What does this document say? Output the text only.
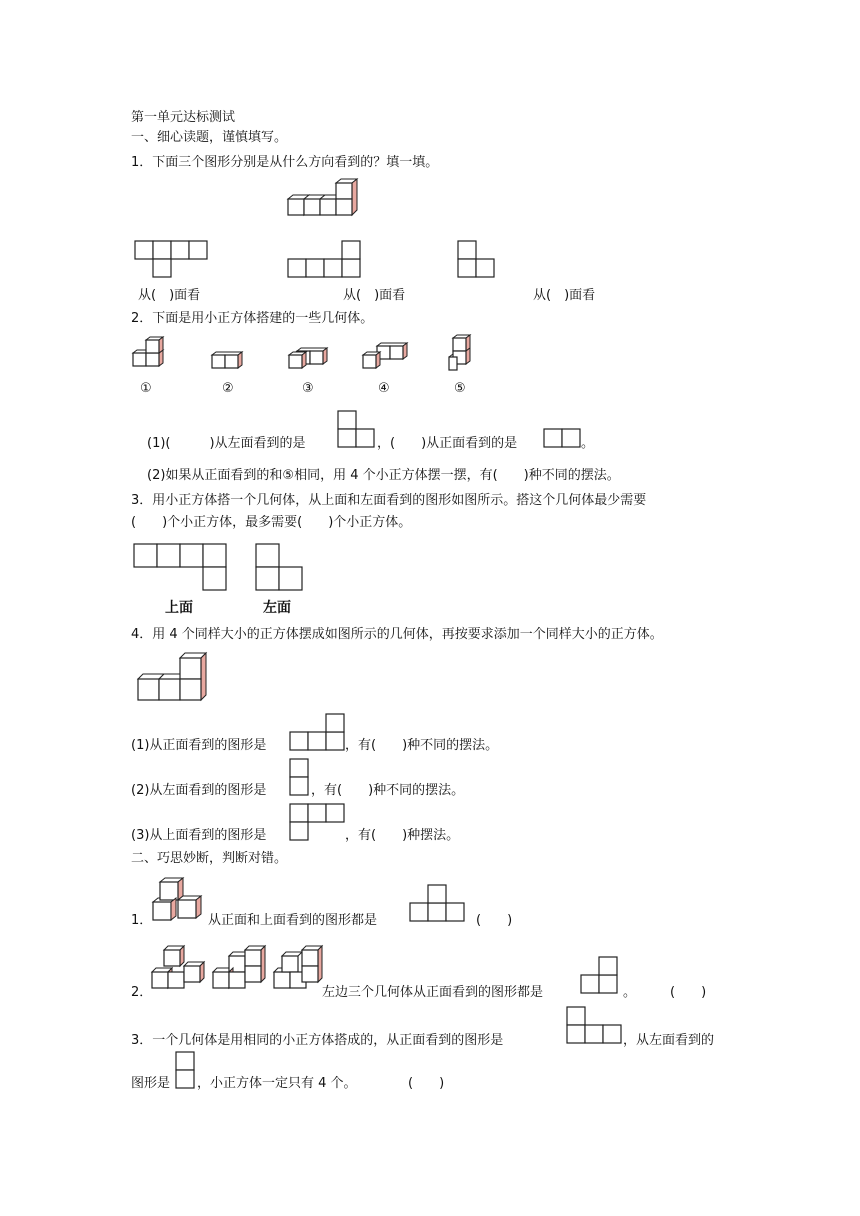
第一单元达标测试
一、细心读题，谨慎填写。
1．下面三个图形分别是从什么方向看到的？填一填。
从(　)面看	从(　)面看	从(　)面看
2．下面是用小正方体搭建的一些几何体。
①	②	③	④	⑤
(1)(　　　)从左面看到的是	，(　　)从正面看到的是	。
(2)如果从正面看到的和⑤相同，用 4 个小正方体摆一摆，有(　　)种不同的摆法。
3．用小正方体搭一个几何体，从上面和左面看到的图形如图所示。搭这个几何体最少需要
(　　)个小正方体，最多需要(　　)个小正方体。
上面	左面
4．用 4 个同样大小的正方体摆成如图所示的几何体，再按要求添加一个同样大小的正方体。
(1)从正面看到的图形是	，有(　　)种不同的摆法。
(2)从左面看到的图形是	，有(　　)种不同的摆法。
(3)从上面看到的图形是	，有(　　)种摆法。
二、巧思妙断，判断对错。
1．	从正面和上面看到的图形都是	(　　)
2．	左边三个几何体从正面看到的图形都是	。	(　　)
3．一个几何体是用相同的小正方体搭成的，从正面看到的图形是	，从左面看到的
图形是 ，小正方体一定只有 4 个。	(　　)
